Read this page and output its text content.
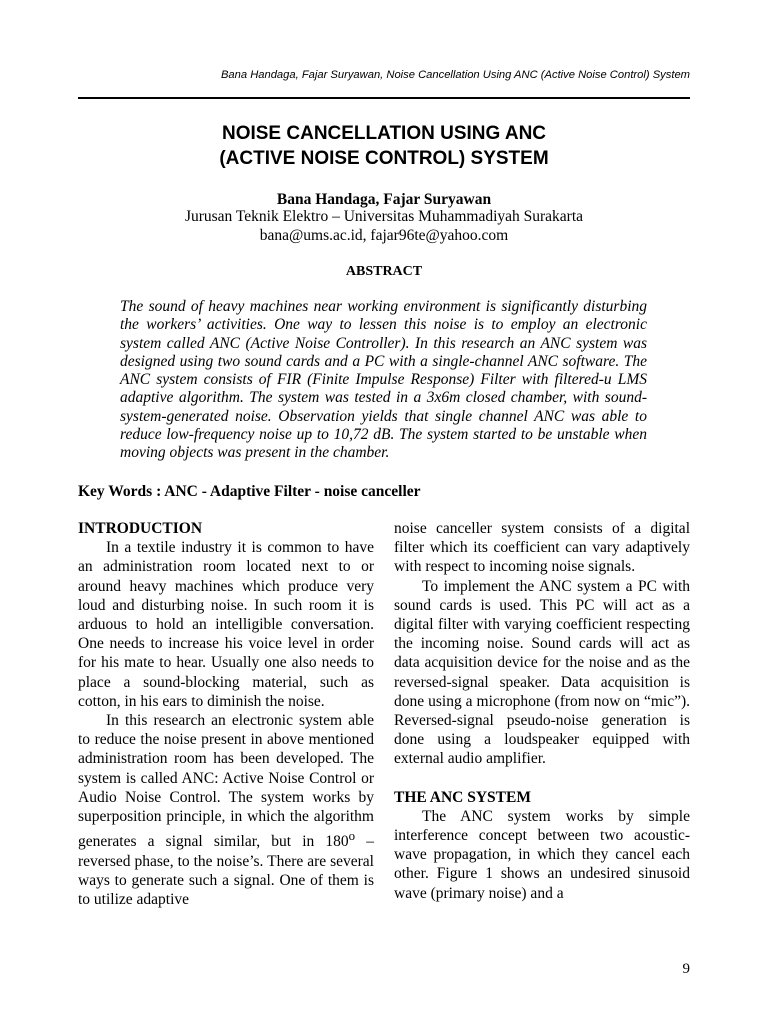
Bana Handaga, Fajar Suryawan, Noise Cancellation Using ANC (Active Noise Control) System
NOISE CANCELLATION USING ANC
(ACTIVE NOISE CONTROL) SYSTEM
Bana Handaga, Fajar Suryawan
Jurusan Teknik Elektro – Universitas Muhammadiyah Surakarta
bana@ums.ac.id, fajar96te@yahoo.com
ABSTRACT

The sound of heavy machines near working environment is significantly disturbing the workers’ activities. One way to lessen this noise is to employ an electronic system called ANC (Active Noise Controller). In this research an ANC system was designed using two sound cards and a PC with a single-channel ANC software. The ANC system consists of FIR (Finite Impulse Response) Filter with filtered-u LMS adaptive algorithm. The system was tested in a 3x6m closed chamber, with sound-system-generated noise. Observation yields that single channel ANC was able to reduce low-frequency noise up to 10,72 dB. The system started to be unstable when moving objects was present in the chamber.

Key Words : ANC - Adaptive Filter - noise canceller
INTRODUCTION

In a textile industry it is common to have an administration room located next to or around heavy machines which produce very loud and disturbing noise. In such room it is arduous to hold an intelligible conversation. One needs to increase his voice level in order for his mate to hear. Usually one also needs to place a sound-blocking material, such as cotton, in his ears to diminish the noise.

In this research an electronic system able to reduce the noise present in above mentioned administration room has been developed. The system is called ANC: Active Noise Control or Audio Noise Control. The system works by superposition principle, in which the algorithm generates a signal similar, but in 180$^o$ – reversed phase, to the noise’s. There are several ways to generate such a signal. One of them is to utilize adaptive

noise canceller system consists of a digital filter which its coefficient can vary adaptively with respect to incoming noise signals.

To implement the ANC system a PC with sound cards is used. This PC will act as a digital filter with varying coefficient respecting the incoming noise. Sound cards will act as data acquisition device for the noise and as the reversed-signal speaker. Data acquisition is done using a microphone (from now on “mic”). Reversed-signal pseudo-noise generation is done using a loudspeaker equipped with external audio amplifier.

THE ANC SYSTEM

The ANC system works by simple interference concept between two acoustic-wave propagation, in which they cancel each other. Figure 1 shows an undesired sinusoid wave (primary noise) and a

9
